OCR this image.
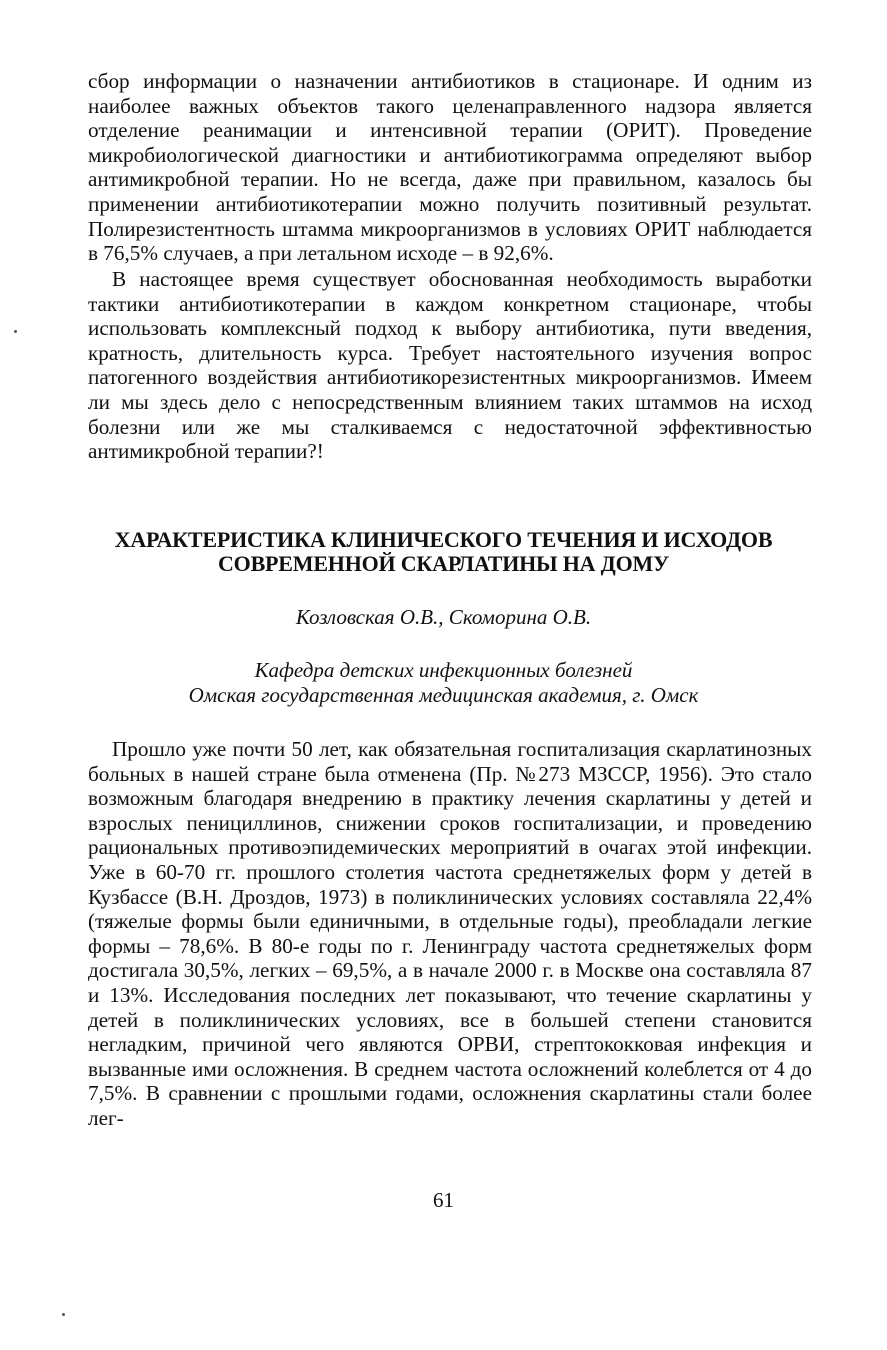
сбор информации о назначении антибиотиков в стационаре. И одним из наиболее важных объектов такого целенаправленного надзора является отделение реанимации и интенсивной терапии (ОРИТ). Проведение микробиологической диагностики и антибиотикограмма определяют выбор антимикробной терапии. Но не всегда, даже при правильном, казалось бы применении антибиотикотерапии можно получить позитивный результат. Полирезистентность штамма микроорганизмов в условиях ОРИТ наблюдается в 76,5% случаев, а при летальном исходе – в 92,6%.

В настоящее время существует обоснованная необходимость выработки тактики антибиотикотерапии в каждом конкретном стационаре, чтобы использовать комплексный подход к выбору антибиотика, пути введения, кратность, длительность курса. Требует настоятельного изучения вопрос патогенного воздействия антибиотикорезистентных микроорганизмов. Имеем ли мы здесь дело с непосредственным влиянием таких штаммов на исход болезни или же мы сталкиваемся с недостаточной эффективностью антимикробной терапии?!

ХАРАКТЕРИСТИКА КЛИНИЧЕСКОГО ТЕЧЕНИЯ И ИСХОДОВ
СОВРЕМЕННОЙ СКАРЛАТИНЫ НА ДОМУ

Козловская О.В., Скоморина О.В.

Кафедра детских инфекционных болезней
Омская государственная медицинская академия, г. Омск

Прошло уже почти 50 лет, как обязательная госпитализация скарлатинозных больных в нашей стране была отменена (Пр. №273 МЗССР, 1956). Это стало возможным благодаря внедрению в практику лечения скарлатины у детей и взрослых пенициллинов, снижении сроков госпитализации, и проведению рациональных противоэпидемических мероприятий в очагах этой инфекции. Уже в 60-70 гг. прошлого столетия частота среднетяжелых форм у детей в Кузбассе (В.Н. Дроздов, 1973) в поликлинических условиях составляла 22,4% (тяжелые формы были единичными, в отдельные годы), преобладали легкие формы – 78,6%. В 80-е годы по г. Ленинграду частота среднетяжелых форм достигала 30,5%, легких – 69,5%, а в начале 2000 г. в Москве она составляла 87 и 13%. Исследования последних лет показывают, что течение скарлатины у детей в поликлинических условиях, все в большей степени становится негладким, причиной чего являются ОРВИ, стрептококковая инфекция и вызванные ими осложнения. В среднем частота осложнений колеблется от 4 до 7,5%. В сравнении с прошлыми годами, осложнения скарлатины стали более лег-

61
